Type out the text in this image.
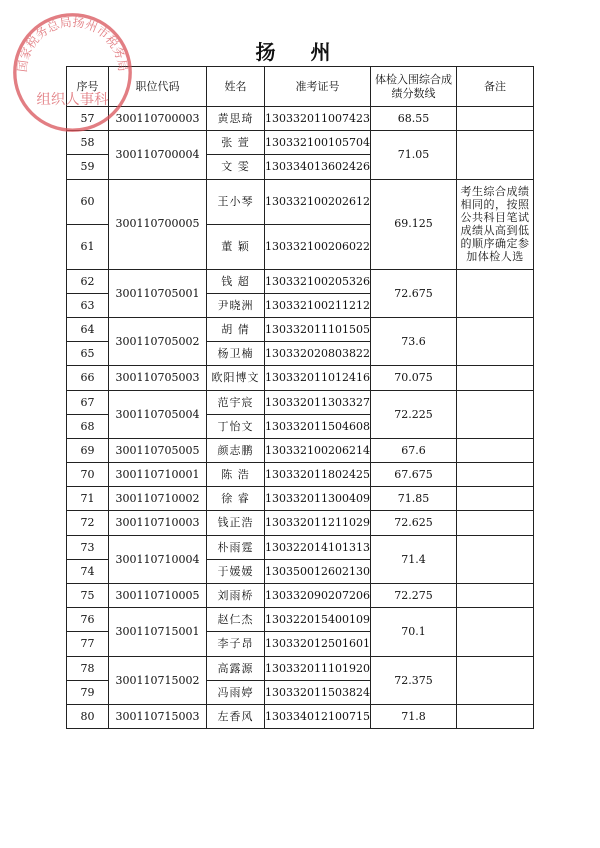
扬 州
序号	职位代码	姓名	准考证号	体检入围综合成绩分数线	备注
57	300110700003	黄思琦	130332011007423	68.55	
58	300110700004	张 萱	130332100105704	71.05	
59		文 雯	130334013602426		
60	300110700005	王小琴	130332100202612	69.125	考生综合成绩相同的，按照公共科目笔试成绩从高到低的顺序确定参加体检人选
61		董 颖	130332100206022		
62	300110705001	钱 超	130332100205326	72.675	
63		尹晓洲	130332100211212		
64	300110705002	胡 倩	130332011101505	73.6	
65		杨卫楠	130332020803822		
66	300110705003	欧阳博文	130332011012416	70.075	
67	300110705004	范宇宸	130332011303327	72.225	
68		丁怡文	130332011504608		
69	300110705005	颜志鹏	130332100206214	67.6	
70	300110710001	陈 浩	130332011802425	67.675	
71	300110710002	徐 睿	130332011300409	71.85	
72	300110710003	钱正浩	130332011211029	72.625	
73	300110710004	朴雨霆	130322014101313	71.4	
74		于媛媛	130350012602130		
75	300110710005	刘雨桥	130332090207206	72.275	
76	300110715001	赵仁杰	130322015400109	70.1	
77		李子昂	130332012501601		
78	300110715002	高露源	130332011101920	72.375	
79		冯雨婷	130332011503824		
80	300110715003	左香风	130334012100715	71.8	
国家税务总局扬州市税务局
组织人事科
